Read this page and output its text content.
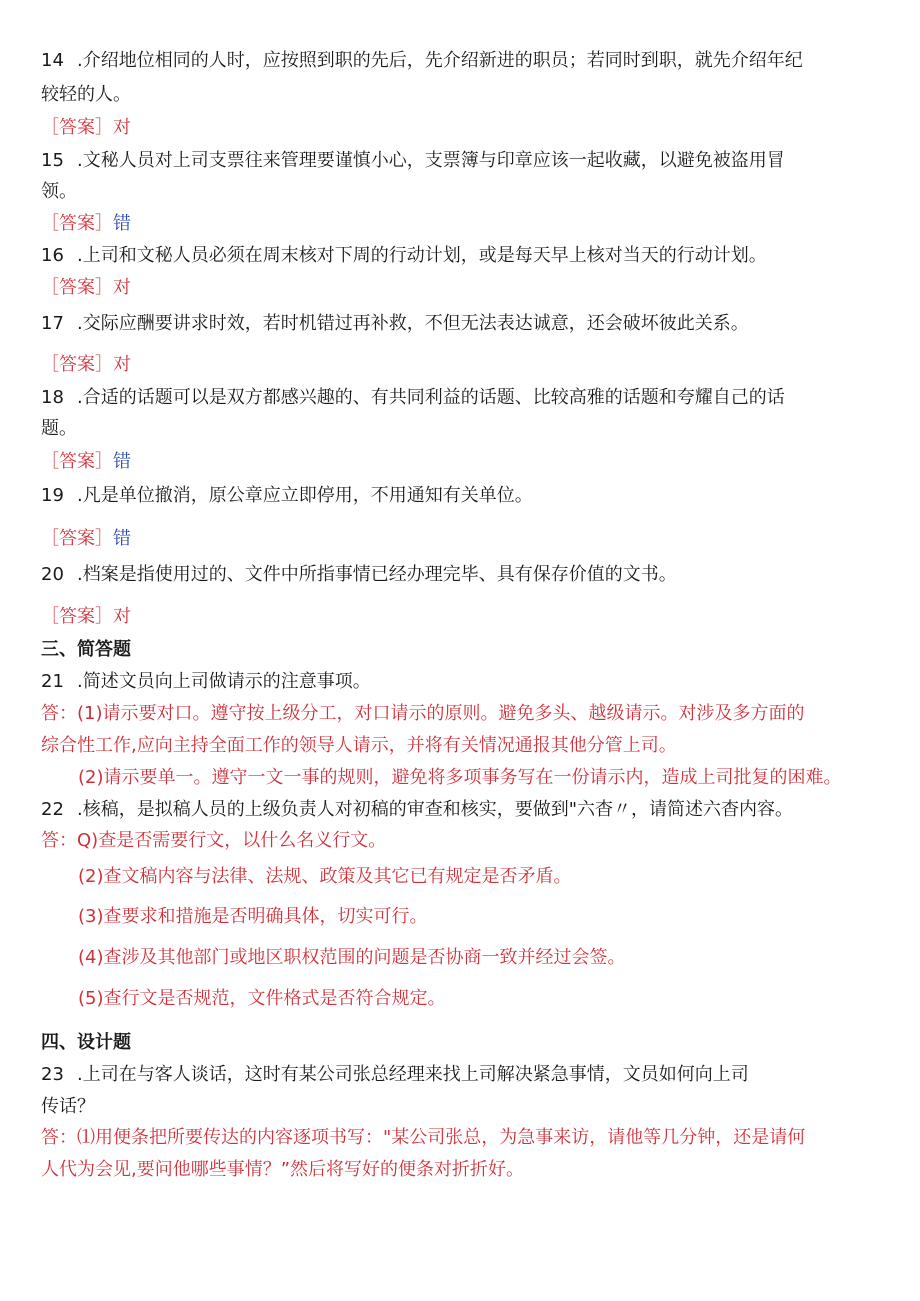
14 .介绍地位相同的人时，应按照到职的先后，先介绍新进的职员；若同时到职，就先介绍年纪
较轻的人。
［答案］对
15 .文秘人员对上司支票往来管理要谨慎小心，支票簿与印章应该一起收藏，以避免被盗用冒
领。
［答案］错
16 .上司和文秘人员必须在周末核对下周的行动计划，或是每天早上核对当天的行动计划。
［答案］对
17 .交际应酬要讲求时效，若时机错过再补救，不但无法表达诚意，还会破坏彼此关系。
［答案］对
18 .合适的话题可以是双方都感兴趣的、有共同利益的话题、比较高雅的话题和夸耀自己的话
题。
［答案］错
19 .凡是单位撤消，原公章应立即停用，不用通知有关单位。
［答案］错
20 .档案是指使用过的、文件中所指事情已经办理完毕、具有保存价值的文书。
［答案］对
三、简答题
21 .简述文员向上司做请示的注意事项。
答：(1)请示要对口。遵守按上级分工，对口请示的原则。避免多头、越级请示。对涉及多方面的
综合性工作,应向主持全面工作的领导人请示，并将有关情况通报其他分管上司。
(2)请示要单一。遵守一文一事的规则，避免将多项事务写在一份请示内，造成上司批复的困难。
22 .核稿，是拟稿人员的上级负责人对初稿的审查和核实，要做到"六杳〃，请简述六杳内容。
答：Q)查是否需要行文，以什么名义行文。
(2)查文稿内容与法律、法规、政策及其它已有规定是否矛盾。
(3)查要求和措施是否明确具体，切实可行。
(4)查涉及其他部门或地区职权范围的问题是否协商一致并经过会签。
(5)查行文是否规范，文件格式是否符合规定。
四、设计题
23 .上司在与客人谈话，这时有某公司张总经理来找上司解决紧急事情，文员如何向上司
传话？
答：⑴用便条把所要传达的内容逐项书写："某公司张总，为急事来访，请他等几分钟，还是请何
人代为会见,要问他哪些事情？”然后将写好的便条对折折好。
